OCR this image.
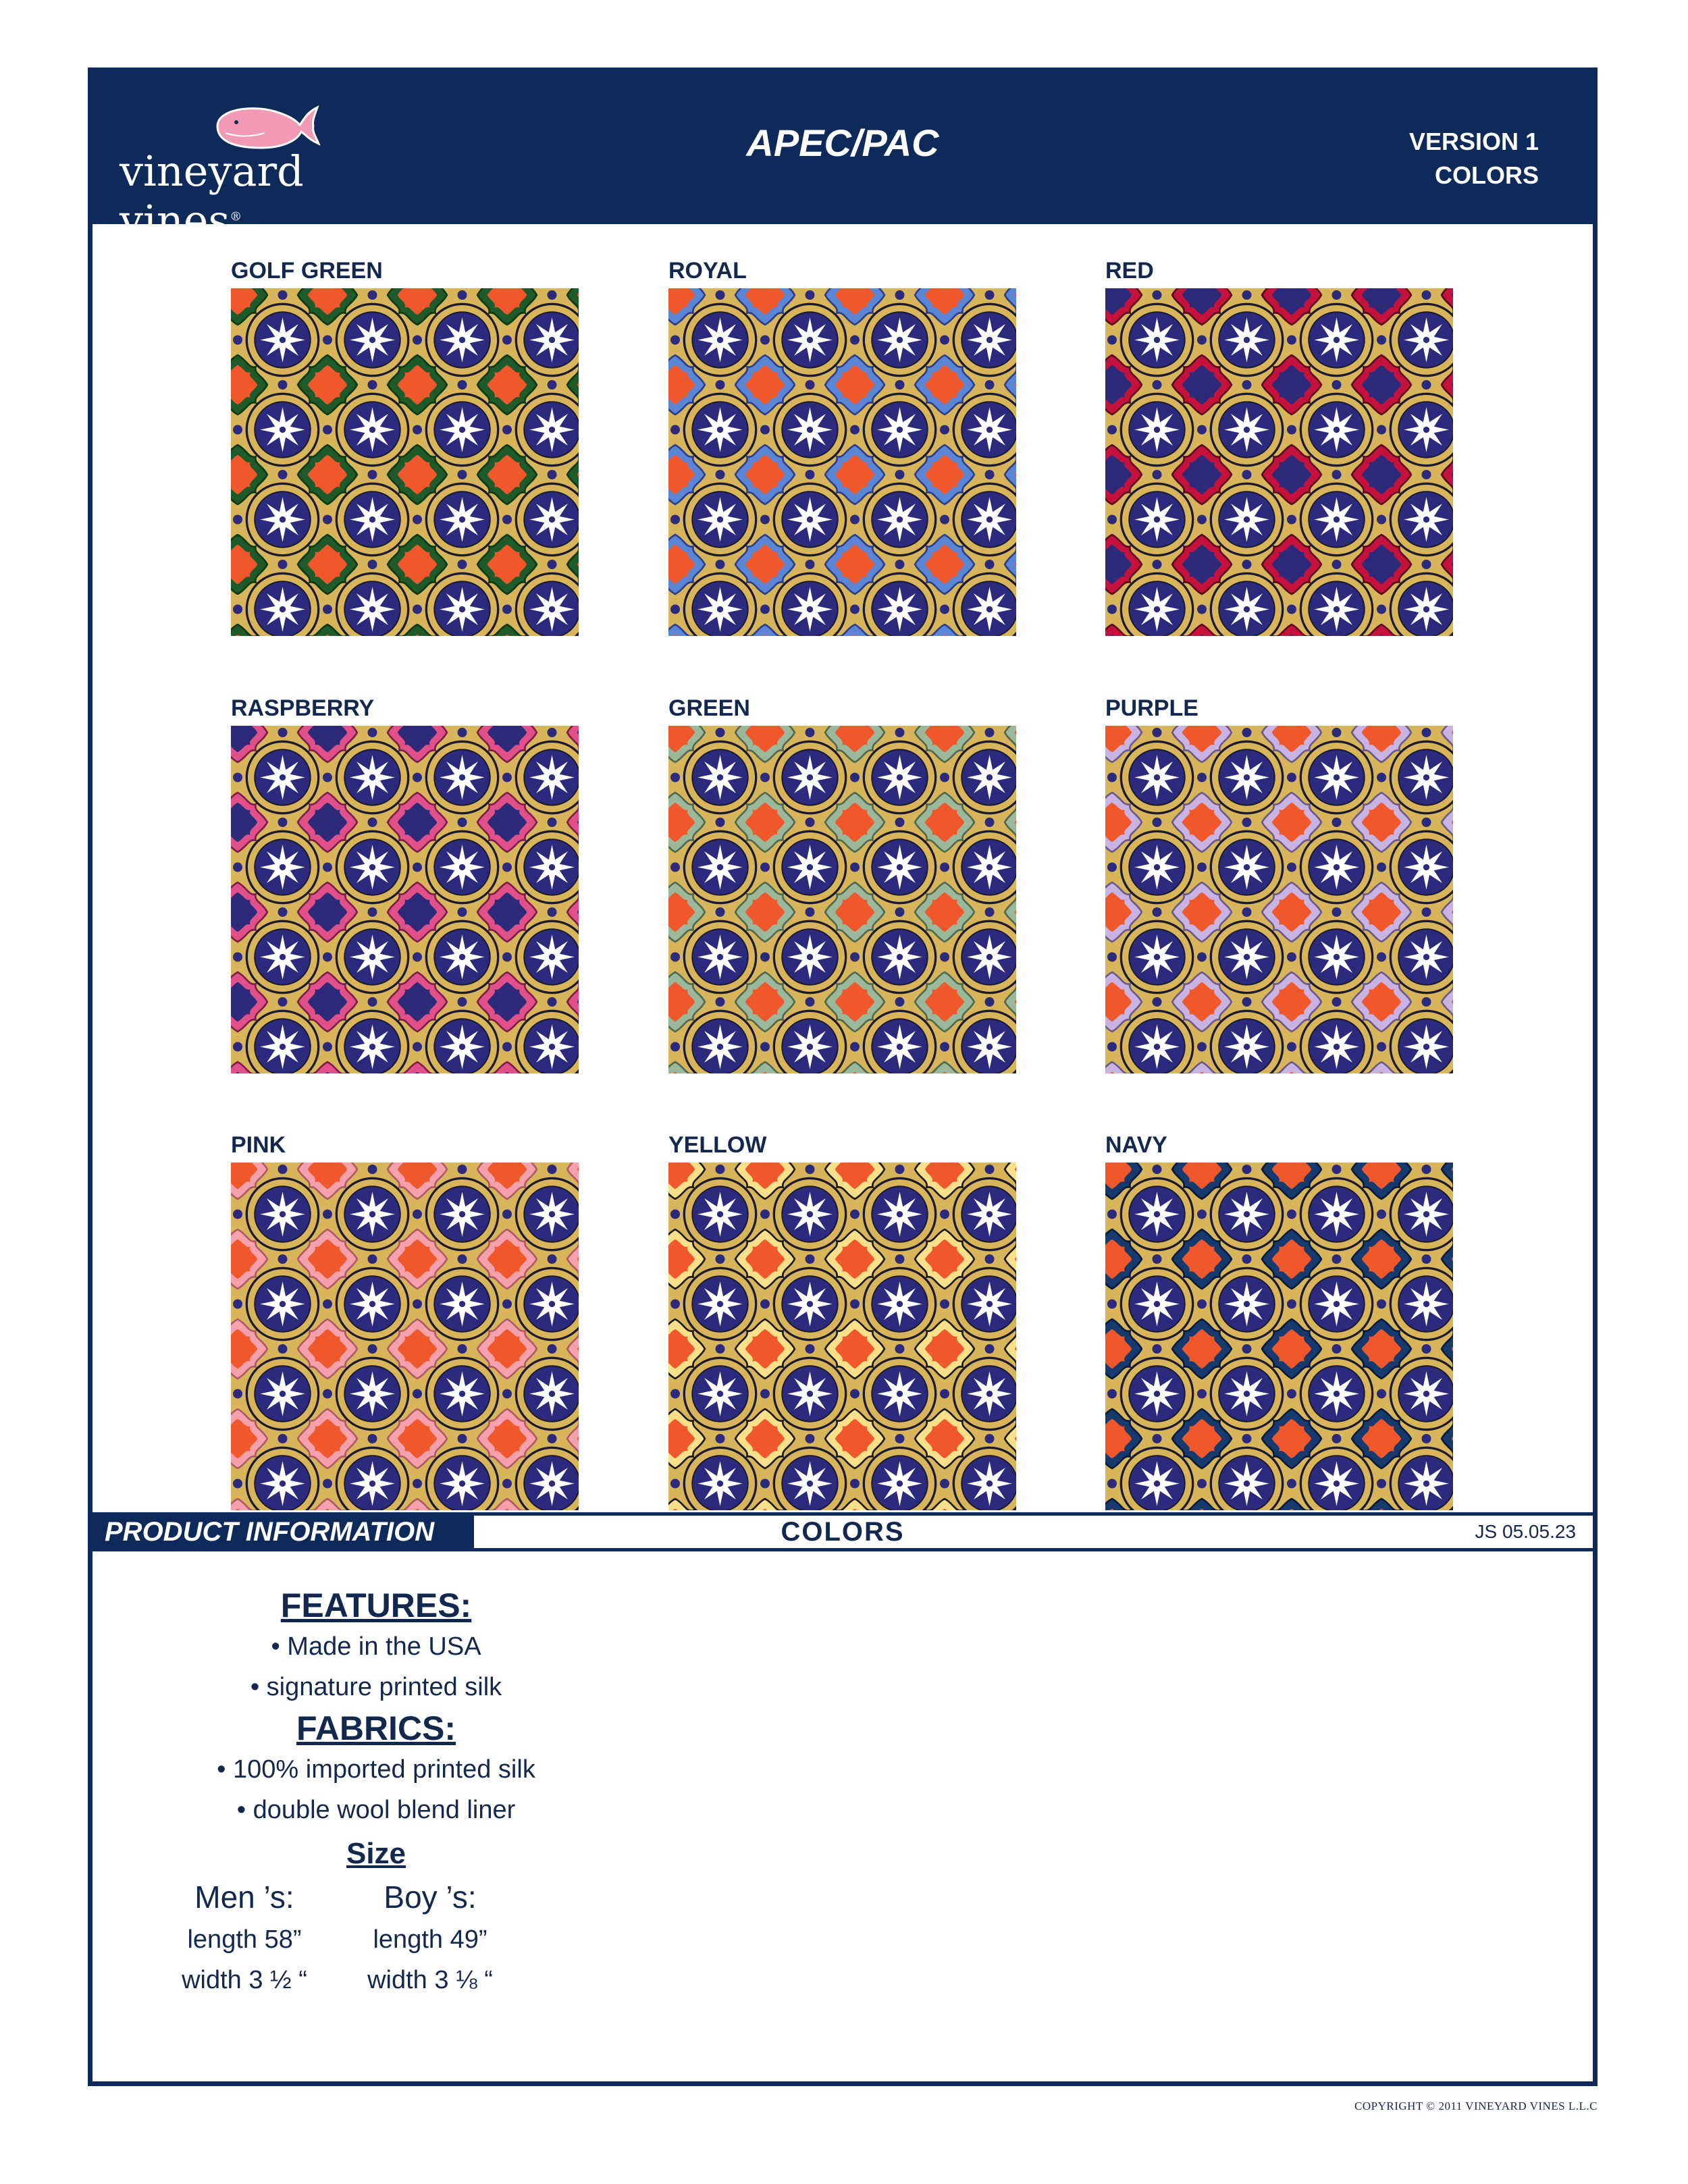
vineyard vines®
APEC/PAC	VERSION 1
COLORS
GOLF GREEN	ROYAL	RED
RASPBERRY	GREEN	PURPLE
PINK	YELLOW	NAVY
PRODUCT INFORMATION	COLORS	JS 05.05.23

FEATURES:

• Made in the USA

• signature printed silk

FABRICS:

• 100% imported printed silk

• double wool blend liner

Size

Men ’s:
length 58”
width 3 ½ “
Boy ’s:
length 49”
width 3 ⅛ “
COPYRIGHT © 2011 VINEYARD VINES L.L.C
